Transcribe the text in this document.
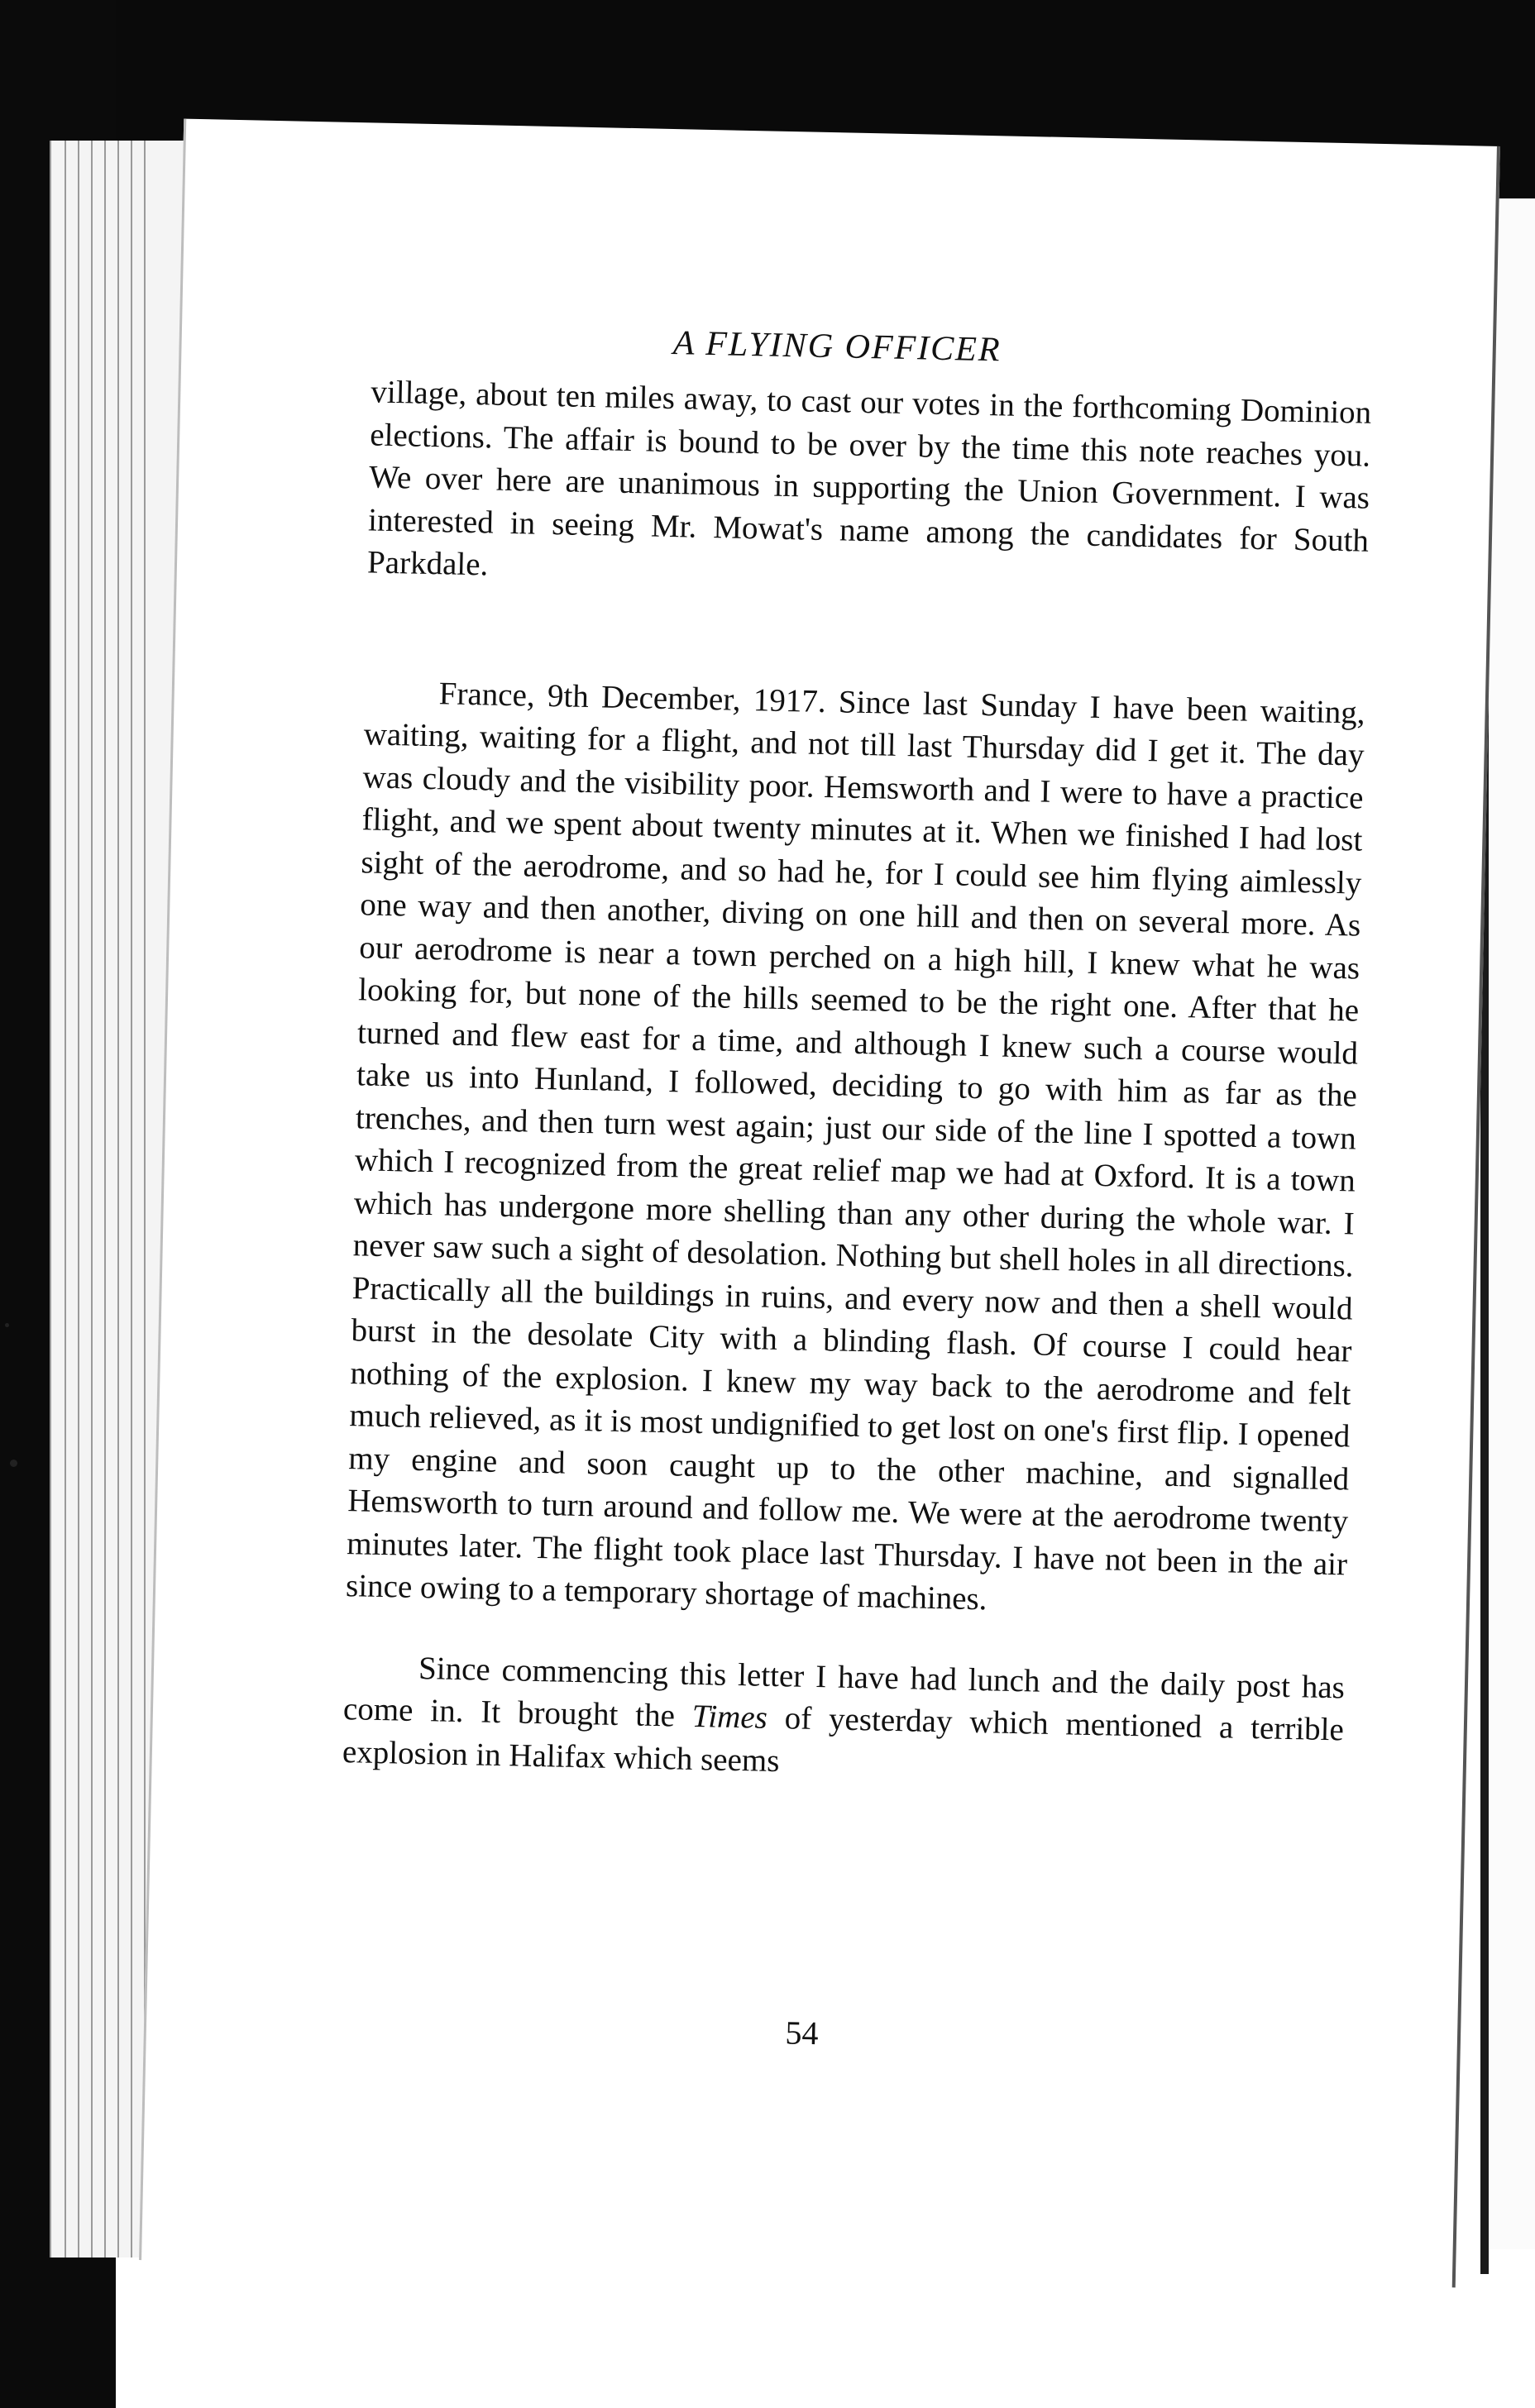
A FLYING OFFICER

village, about ten miles away, to cast our votes in the forthcoming Dominion elections. The affair is bound to be over by the time this note reaches you. We over here are unanimous in supporting the Union Government. I was interested in seeing Mr. Mowat's name among the candidates for South Parkdale.

France, 9th December, 1917. Since last Sunday I have been waiting, waiting, waiting for a flight, and not till last Thursday did I get it. The day was cloudy and the visibility poor. Hemsworth and I were to have a practice flight, and we spent about twenty minutes at it. When we finished I had lost sight of the aerodrome, and so had he, for I could see him flying aimlessly one way and then another, diving on one hill and then on several more. As our aerodrome is near a town perched on a high hill, I knew what he was looking for, but none of the hills seemed to be the right one. After that he turned and flew east for a time, and although I knew such a course would take us into Hunland, I followed, deciding to go with him as far as the trenches, and then turn west again; just our side of the line I spotted a town which I recognized from the great relief map we had at Oxford. It is a town which has undergone more shelling than any other during the whole war. I never saw such a sight of desolation. Nothing but shell holes in all directions. Practically all the buildings in ruins, and every now and then a shell would burst in the desolate City with a blinding flash. Of course I could hear nothing of the explosion. I knew my way back to the aerodrome and felt much relieved, as it is most undignified to get lost on one's first flip. I opened my engine and soon caught up to the other machine, and signalled Hemsworth to turn around and follow me. We were at the aerodrome twenty minutes later. The flight took place last Thursday. I have not been in the air since owing to a temporary shortage of machines.

Since commencing this letter I have had lunch and the daily post has come in. It brought the Times of yesterday which mentioned a terrible explosion in Halifax which seems

54
